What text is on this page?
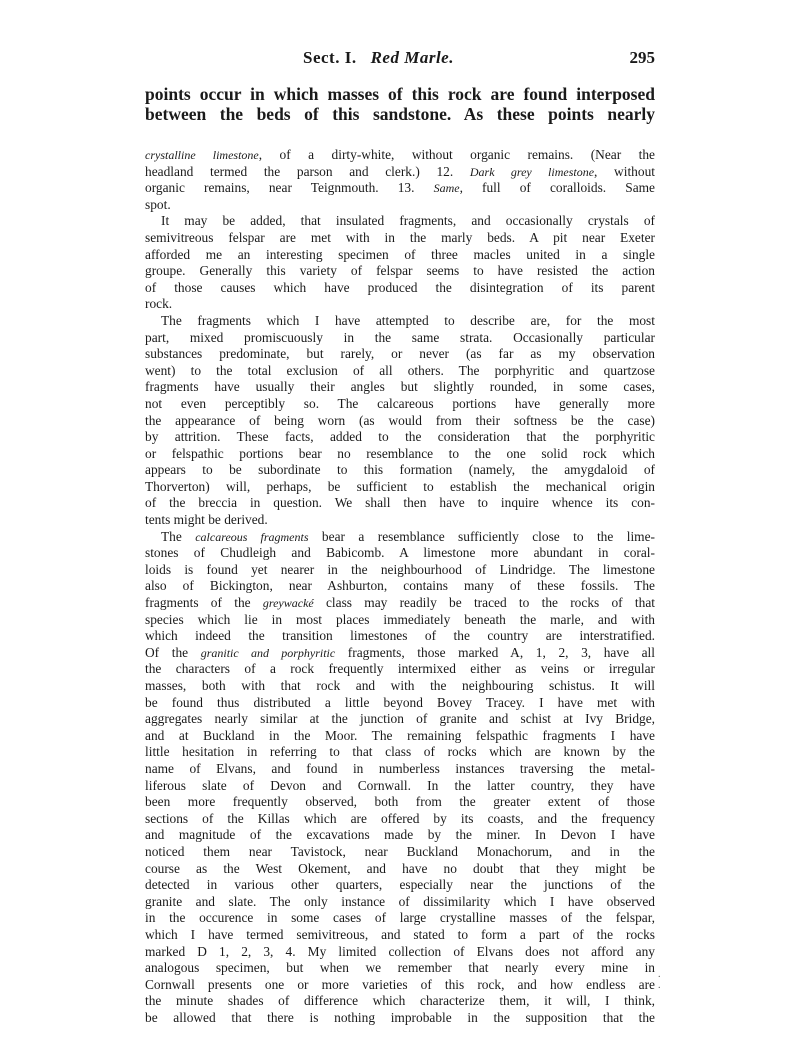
Sect. I. Red Marle.	295
points occur in which masses of this rock are found interposed
between the beds of this sandstone. As these points nearly
crystalline limestone, of a dirty-white, without organic remains. (Near the
headland termed the parson and clerk.) 12. Dark grey limestone, without
organic remains, near Teignmouth. 13. Same, full of coralloids. Same
spot.
It may be added, that insulated fragments, and occasionally crystals of
semivitreous felspar are met with in the marly beds. A pit near Exeter
afforded me an interesting specimen of three macles united in a single
groupe. Generally this variety of felspar seems to have resisted the action
of those causes which have produced the disintegration of its parent
rock.
The fragments which I have attempted to describe are, for the most
part, mixed promiscuously in the same strata. Occasionally particular
substances predominate, but rarely, or never (as far as my observation
went) to the total exclusion of all others. The porphyritic and quartzose
fragments have usually their angles but slightly rounded, in some cases,
not even perceptibly so. The calcareous portions have generally more
the appearance of being worn (as would from their softness be the case)
by attrition. These facts, added to the consideration that the porphyritic
or felspathic portions bear no resemblance to the one solid rock which
appears to be subordinate to this formation (namely, the amygdaloid of
Thorverton) will, perhaps, be sufficient to establish the mechanical origin
of the breccia in question. We shall then have to inquire whence its con-
tents might be derived.
The calcareous fragments bear a resemblance sufficiently close to the lime-
stones of Chudleigh and Babicomb. A limestone more abundant in coral-
loids is found yet nearer in the neighbourhood of Lindridge. The limestone
also of Bickington, near Ashburton, contains many of these fossils. The
fragments of the greywacké class may readily be traced to the rocks of that
species which lie in most places immediately beneath the marle, and with
which indeed the transition limestones of the country are interstratified.
Of the granitic and porphyritic fragments, those marked A, 1, 2, 3, have all
the characters of a rock frequently intermixed either as veins or irregular
masses, both with that rock and with the neighbouring schistus. It will
be found thus distributed a little beyond Bovey Tracey. I have met with
aggregates nearly similar at the junction of granite and schist at Ivy Bridge,
and at Buckland in the Moor. The remaining felspathic fragments I have
little hesitation in referring to that class of rocks which are known by the
name of Elvans, and found in numberless instances traversing the metal-
liferous slate of Devon and Cornwall. In the latter country, they have
been more frequently observed, both from the greater extent of those
sections of the Killas which are offered by its coasts, and the frequency
and magnitude of the excavations made by the miner. In Devon I have
noticed them near Tavistock, near Buckland Monachorum, and in the
course as the West Okement, and have no doubt that they might be
detected in various other quarters, especially near the junctions of the
granite and slate. The only instance of dissimilarity which I have observed
in the occurence in some cases of large crystalline masses of the felspar,
which I have termed semivitreous, and stated to form a part of the rocks
marked D 1, 2, 3, 4. My limited collection of Elvans does not afford any
analogous specimen, but when we remember that nearly every mine in
Cornwall presents one or more varieties of this rock, and how endless are
the minute shades of difference which characterize them, it will, I think,
be allowed that there is nothing improbable in the supposition that the
. .
